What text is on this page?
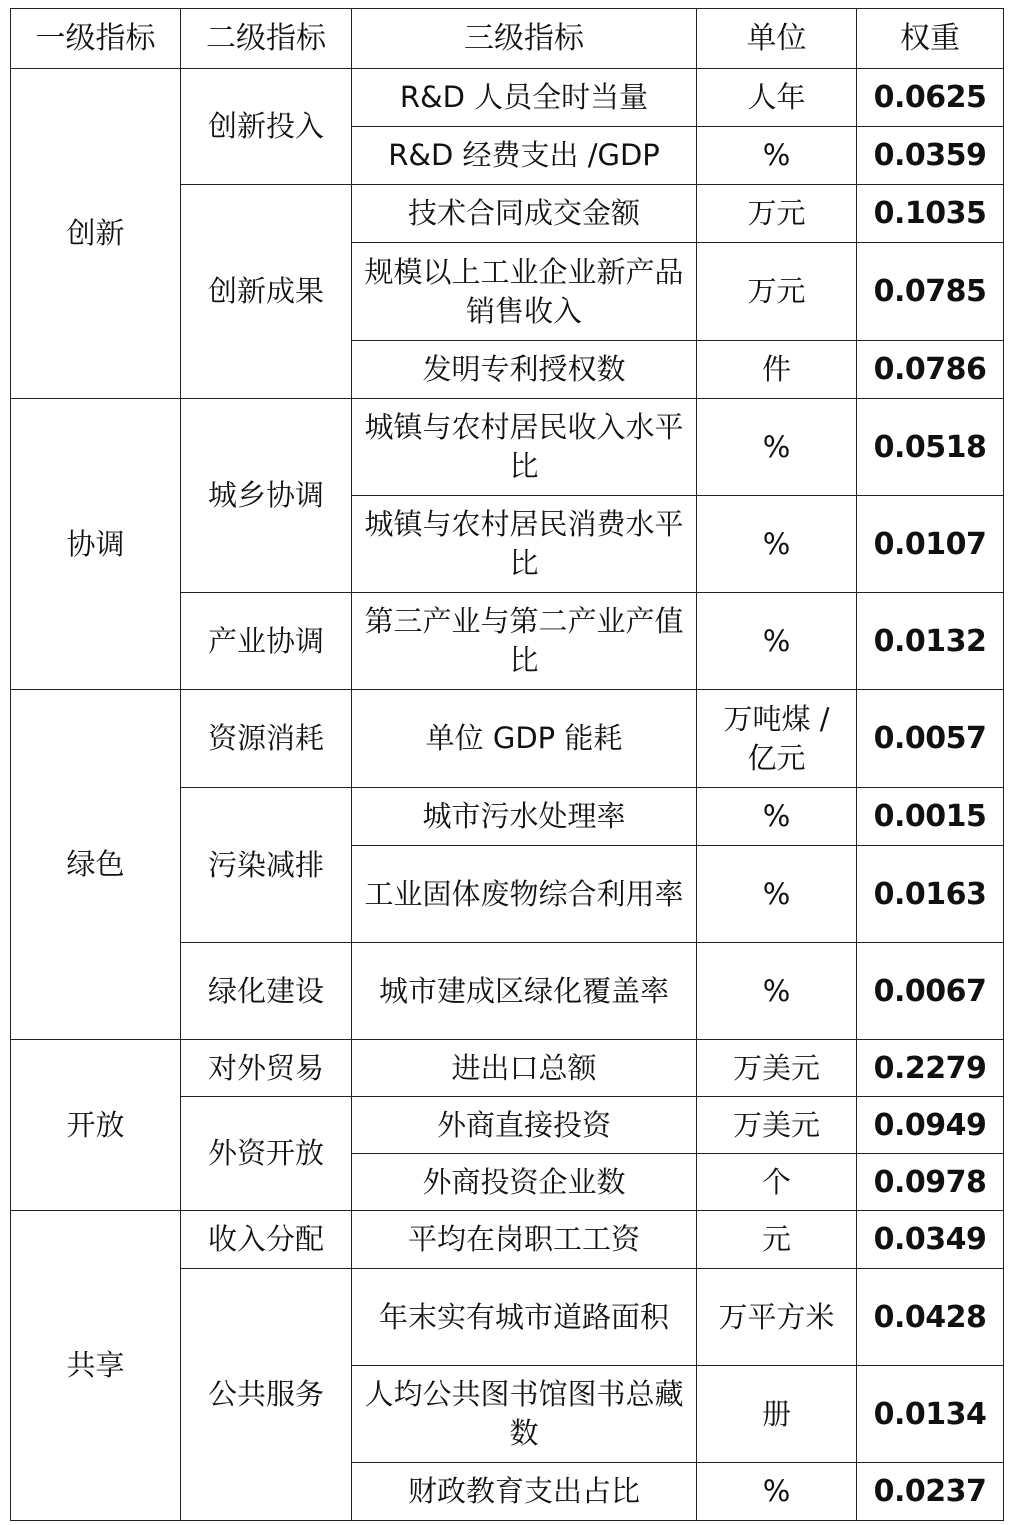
一级指标	二级指标	三级指标	单位	权重
创新	创新投入	R&D 人员全时当量	人年	0.0625
		R&D 经费支出 /GDP	%	0.0359
	创新成果	技术合同成交金额	万元	0.1035
		规模以上工业企业新产品销售收入	万元	0.0785
		发明专利授权数	件	0.0786
协调	城乡协调	城镇与农村居民收入水平比	%	0.0518
		城镇与农村居民消费水平比	%	0.0107
	产业协调	第三产业与第二产业产值比	%	0.0132
绿色	资源消耗	单位 GDP 能耗	万吨煤 / 亿元	0.0057
	污染减排	城市污水处理率	%	0.0015
		工业固体废物综合利用率	%	0.0163
	绿化建设	城市建成区绿化覆盖率	%	0.0067
开放	对外贸易	进出口总额	万美元	0.2279
	外资开放	外商直接投资	万美元	0.0949
		外商投资企业数	个	0.0978
共享	收入分配	平均在岗职工工资	元	0.0349
	公共服务	年末实有城市道路面积	万平方米	0.0428
		人均公共图书馆图书总藏数	册	0.0134
		财政教育支出占比	%	0.0237
